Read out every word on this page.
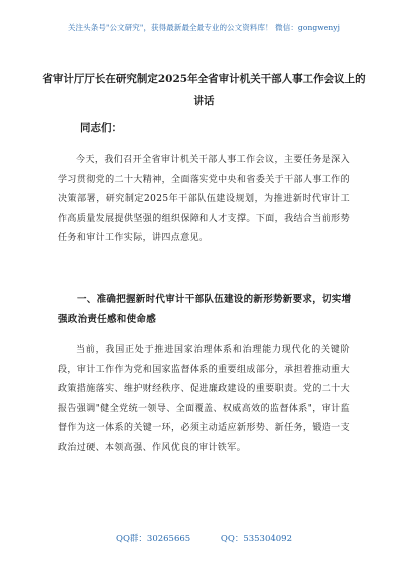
关注头条号"公文研究"，获得最新最全最专业的公文资料库！ 微信：gongwenyj
省审计厅厅长在研究制定2025年全省审计机关干部人事工作会议上的讲话
同志们：
今天，我们召开全省审计机关干部人事工作会议，主要任务是深入学习贯彻党的二十大精神，全面落实党中央和省委关于干部人事工作的决策部署，研究制定2025年干部队伍建设规划，为推进新时代审计工作高质量发展提供坚强的组织保障和人才支撑。下面，我结合当前形势任务和审计工作实际，讲四点意见。
一、准确把握新时代审计干部队伍建设的新形势新要求，切实增强政治责任感和使命感
当前，我国正处于推进国家治理体系和治理能力现代化的关键阶段，审计工作作为党和国家监督体系的重要组成部分，承担着推动重大政策措施落实、维护财经秩序、促进廉政建设的重要职责。党的二十大报告强调"健全党统一领导、全面覆盖、权威高效的监督体系"，审计监督作为这一体系的关键一环，必须主动适应新形势、新任务，锻造一支政治过硬、本领高强、作风优良的审计铁军。
QQ群：30265665	QQ：535304092
